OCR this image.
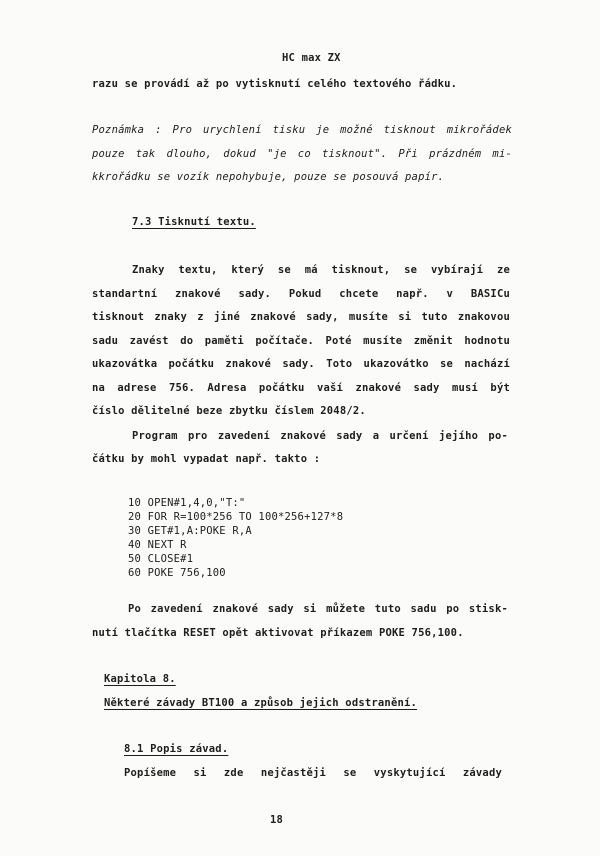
HC max ZX
razu se provádí až po vytisknutí celého textového řádku.
Poznámka : Pro urychlení tisku je možné tisknout mikrořádek
pouze tak dlouho, dokud "je co tisknout". Při prázdném mi-
kkrořádku se vozík nepohybuje, pouze se posouvá papír.
7.3 Tisknutí textu.
Znaky textu, který se má tisknout, se vybírají ze
standartní znakové sady. Pokud chcete např. v BASICu
tisknout znaky z jiné znakové sady, musíte si tuto znakovou
sadu zavést do paměti počítače. Poté musíte změnit hodnotu
ukazovátka počátku znakové sady. Toto ukazovátko se nachází
na adrese 756. Adresa počátku vaší znakové sady musí být
číslo dělitelné beze zbytku číslem 2048/2.
Program pro zavedení znakové sady a určení jejího po-
čátku by mohl vypadat např. takto :
10 OPEN#1,4,0,"T:"
20 FOR R=100*256 TO 100*256+127*8
30 GET#1,A:POKE R,A
40 NEXT R
50 CLOSE#1
60 POKE 756,100
Po zavedení znakové sady si můžete tuto sadu po stisk-
nutí tlačítka RESET opět aktivovat příkazem POKE 756,100.
Kapitola 8.
Některé závady BT100 a způsob jejich odstranění.
8.1 Popis závad.
Popíšeme si zde nejčastěji se vyskytující závady
18
